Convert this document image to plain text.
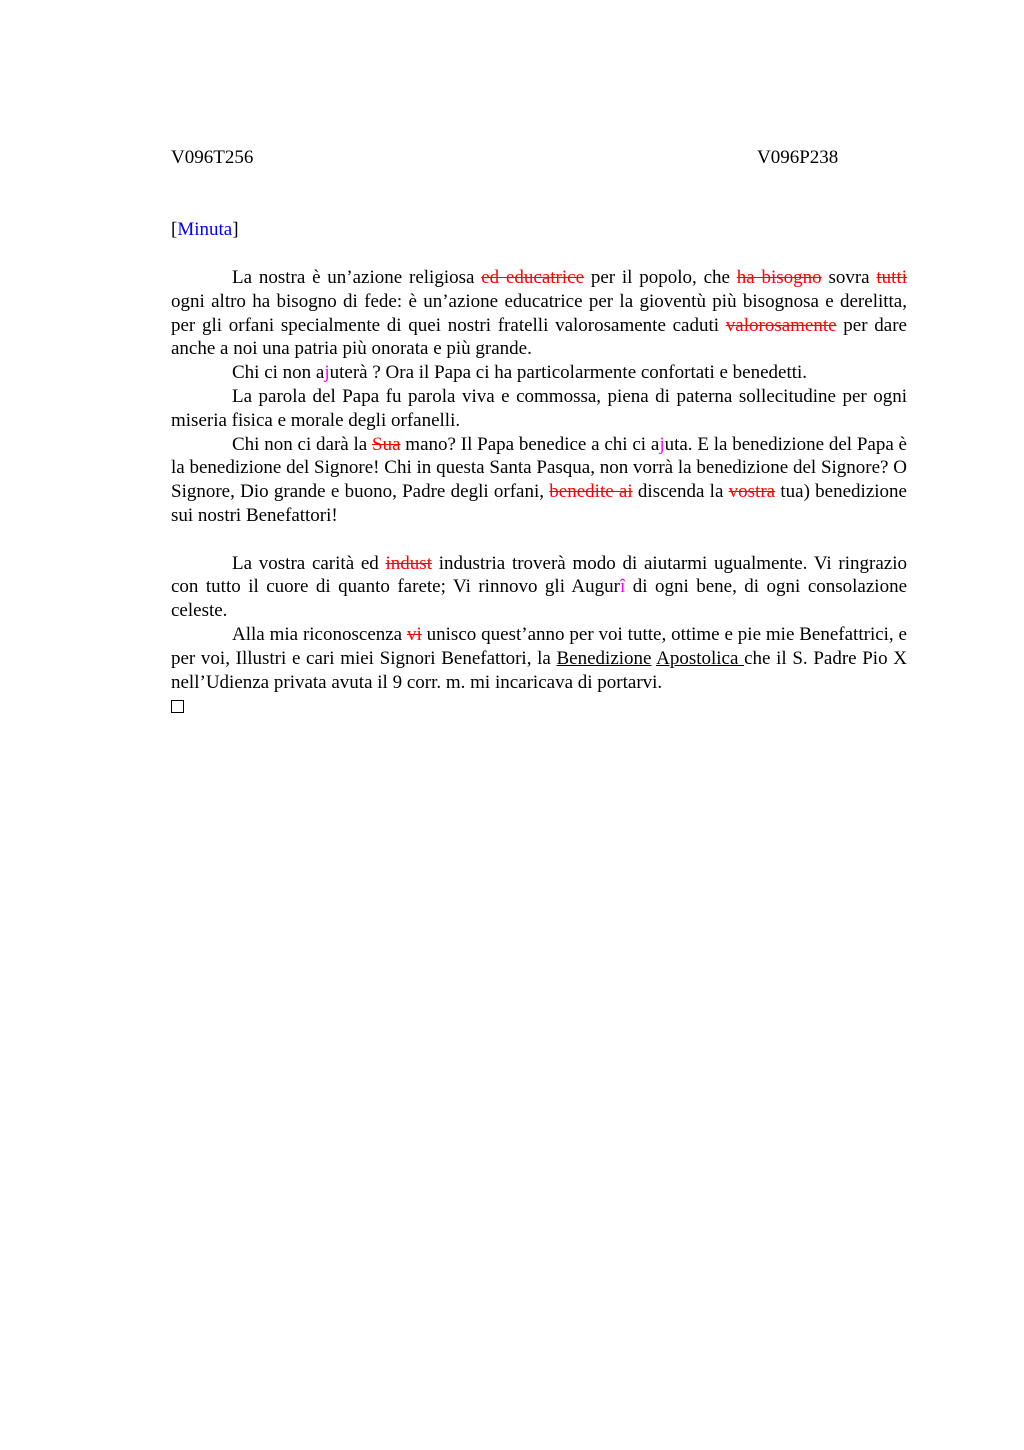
V096T256	V096P238
[Minuta]

La nostra è un’azione religiosa ed educatrice per il popolo, che ha bisogno sovra tutti ogni altro ha bisogno di fede: è un’azione educatrice per la gioventù più bisognosa e derelitta, per gli orfani specialmente di quei nostri fratelli valorosamente caduti valorosamente per dare anche a noi una patria più onorata e più grande.

Chi ci non ajuterà ? Ora il Papa ci ha particolarmente confortati e benedetti.

La parola del Papa fu parola viva e commossa, piena di paterna sollecitudine per ogni miseria fisica e morale degli orfanelli.

Chi non ci darà la Sua mano? Il Papa benedice a chi ci ajuta. E la benedizione del Papa è la benedizione del Signore! Chi in questa Santa Pasqua, non vorrà la benedizione del Signore? O Signore, Dio grande e buono, Padre degli orfani, benedite ai discenda la vostra tua) benedizione sui nostri Benefattori!

La vostra carità ed indust industria troverà modo di aiutarmi ugualmente. Vi ringrazio con tutto il cuore di quanto farete; Vi rinnovo gli Augurî di ogni bene, di ogni consolazione celeste.

Alla mia riconoscenza vi unisco quest’anno per voi tutte, ottime e pie mie Benefattrici, e per voi, Illustri e cari miei Signori Benefattori, la Benedizione Apostolica che il S. Padre Pio X nell’Udienza privata avuta il 9 corr. m. mi incaricava di portarvi.
